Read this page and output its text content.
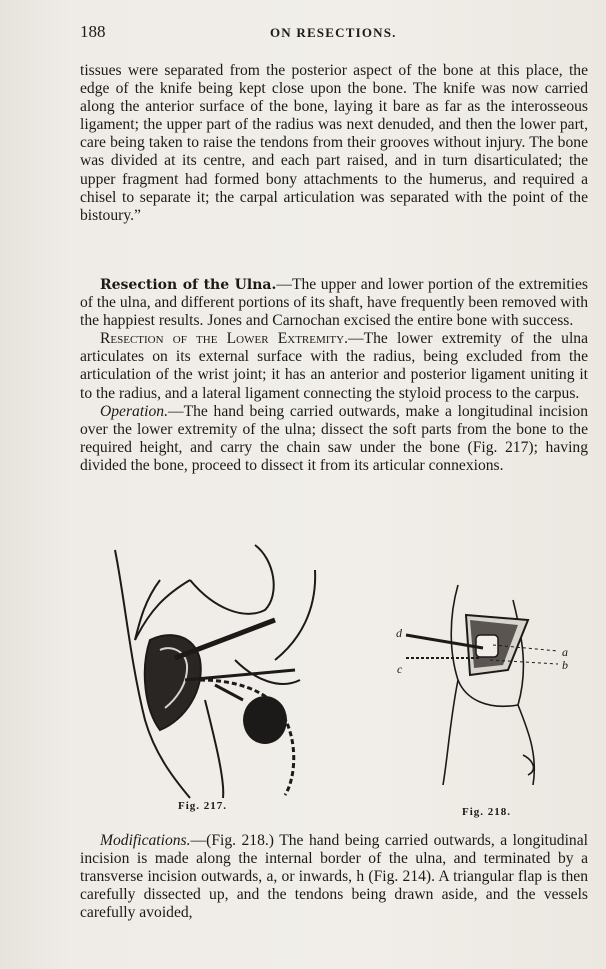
188	ON RESECTIONS.

tissues were separated from the posterior aspect of the bone at this place, the edge of the knife being kept close upon the bone. The knife was now carried along the anterior surface of the bone, laying it bare as far as the interosseous ligament; the upper part of the radius was next denuded, and then the lower part, care being taken to raise the tendons from their grooves without injury. The bone was divided at its centre, and each part raised, and in turn disarticulated; the upper fragment had formed bony attachments to the humerus, and required a chisel to separate it; the carpal articulation was separated with the point of the bistoury.”

Resection of the Ulna.—The upper and lower portion of the extremities of the ulna, and different portions of its shaft, have frequently been removed with the happiest results. Jones and Carnochan excised the entire bone with success.

Resection of the Lower Extremity.—The lower extremity of the ulna articulates on its external surface with the radius, being excluded from the articulation of the wrist joint; it has an anterior and posterior ligament uniting it to the radius, and a lateral ligament connecting the styloid process to the carpus.

Operation.—The hand being carried outwards, make a longitudinal incision over the lower extremity of the ulna; dissect the soft parts from the bone to the required height, and carry the chain saw under the bone (Fig. 217); having divided the bone, proceed to dissect it from its articular connexions.

Fig. 217.
d
c
a
b
Fig. 218.

Modifications.—(Fig. 218.) The hand being carried outwards, a longitudinal incision is made along the internal border of the ulna, and terminated by a transverse incision outwards, a, or inwards, h (Fig. 214). A triangular flap is then carefully dissected up, and the tendons being drawn aside, and the vessels carefully avoided,
